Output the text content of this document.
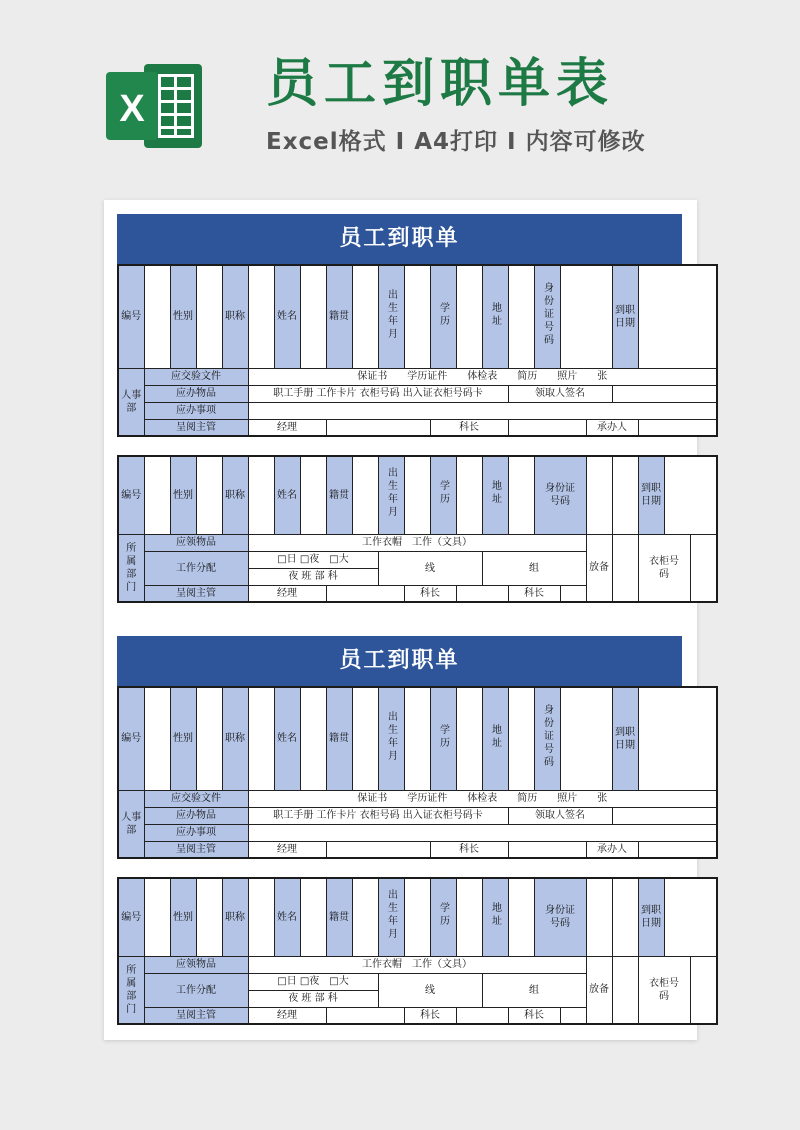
X 员工到职单表
Excel格式 Ⅰ A4打印 Ⅰ 内容可修改
员工到职单
编号		性别		职称		姓名		籍贯		出生年月		学历		地址		身份证号码			到职日期	
人事部	应交验文件				保证书　　学历证件　　体检表　　简历　　照片　　张															
	应办物品				职工手册 工作卡片 衣柜号码 出入证衣柜号码卡										领取人签名					
	应办事项																			
	呈阅主管				经理							科长						承办人		
编号		性别		职称		姓名		籍贯		出生年月		学历		地址		身份证号码				到职日期		
所属部门	应领物品				工作衣帽　工作（文具）													放备		衣柜号码		
	工作分配				□日 □夜　□大					线				组								
					夜 班 部 科																	
	呈阅主管				经理						科长				科长							
员工到职单
编号		性别		职称		姓名		籍贯		出生年月		学历		地址		身份证号码			到职日期	
人事部	应交验文件				保证书　　学历证件　　体检表　　简历　　照片　　张															
	应办物品				职工手册 工作卡片 衣柜号码 出入证衣柜号码卡										领取人签名					
	应办事项																			
	呈阅主管				经理							科长						承办人		
编号		性别		职称		姓名		籍贯		出生年月		学历		地址		身份证号码				到职日期		
所属部门	应领物品				工作衣帽　工作（文具）													放备		衣柜号码		
	工作分配				□日 □夜　□大					线				组								
					夜 班 部 科																	
	呈阅主管				经理						科长				科长							
